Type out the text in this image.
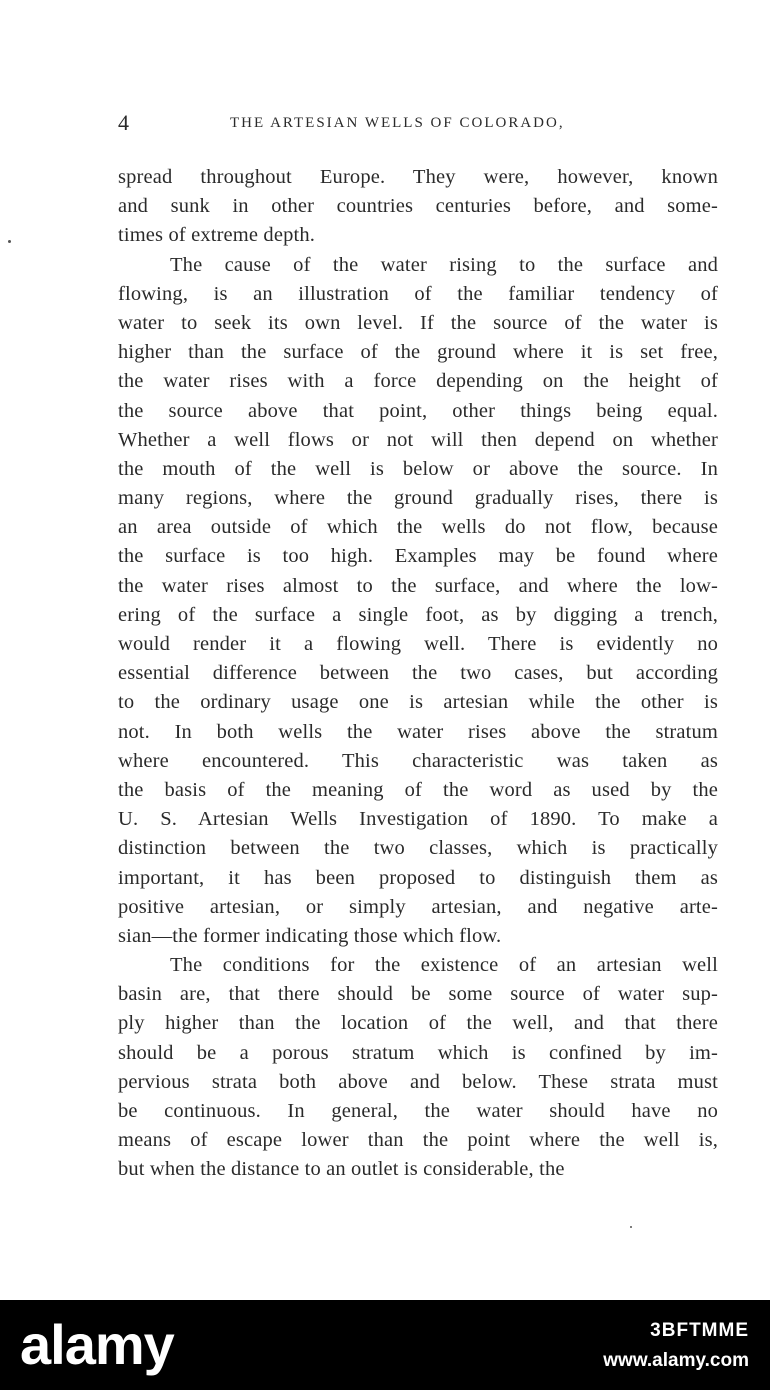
4	THE ARTESIAN WELLS OF COLORADO,
spread throughout Europe. They were, however, known
and sunk in other countries centuries before, and some-
times of extreme depth.
The cause of the water rising to the surface and
flowing, is an illustration of the familiar tendency of
water to seek its own level. If the source of the water is
higher than the surface of the ground where it is set free,
the water rises with a force depending on the height of
the source above that point, other things being equal.
Whether a well flows or not will then depend on whether
the mouth of the well is below or above the source. In
many regions, where the ground gradually rises, there is
an area outside of which the wells do not flow, because
the surface is too high. Examples may be found where
the water rises almost to the surface, and where the low-
ering of the surface a single foot, as by digging a trench,
would render it a flowing well. There is evidently no
essential difference between the two cases, but according
to the ordinary usage one is artesian while the other is
not. In both wells the water rises above the stratum
where encountered. This characteristic was taken as
the basis of the meaning of the word as used by the
U. S. Artesian Wells Investigation of 1890. To make a
distinction between the two classes, which is practically
important, it has been proposed to distinguish them as
positive artesian, or simply artesian, and negative arte-
sian—the former indicating those which flow.
The conditions for the existence of an artesian well
basin are, that there should be some source of water sup-
ply higher than the location of the well, and that there
should be a porous stratum which is confined by im-
pervious strata both above and below. These strata must
be continuous. In general, the water should have no
means of escape lower than the point where the well is,
but when the distance to an outlet is considerable, the
alamy	3BFTMME
www.alamy.com
